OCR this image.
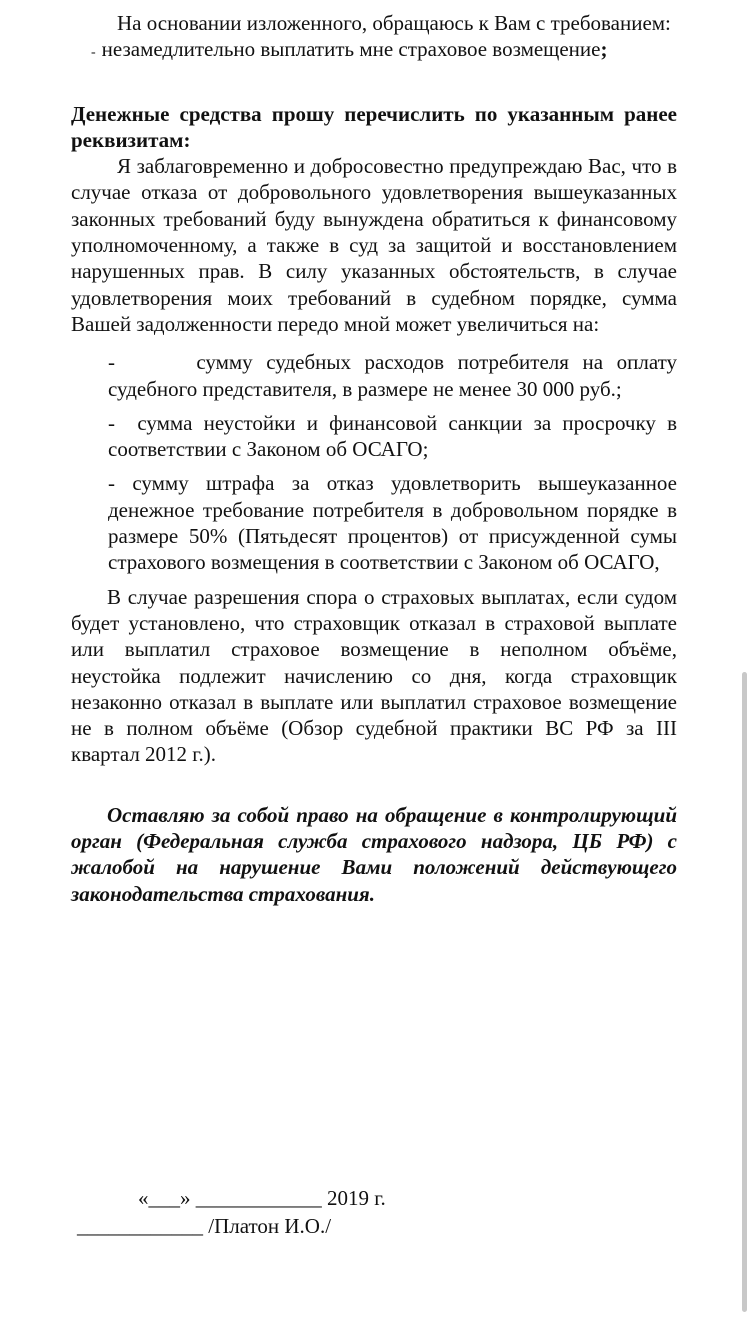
На основании изложенного, обращаюсь к Вам с требованием:

- незамедлительно выплатить мне страховое возмещение;

Денежные средства прошу перечислить по указанным ранее реквизитам:

Я заблаговременно и добросовестно предупреждаю Вас, что в случае отказа от добровольного удовлетворения вышеуказанных законных требований буду вынуждена обратиться к финансовому уполномоченному, а также в суд за защитой и восстановлением нарушенных прав. В силу указанных обстоятельств, в случае удовлетворения моих требований в судебном порядке, сумма Вашей задолженности передо мной может увеличиться на:

-      сумму судебных расходов потребителя на оплату судебного представителя, в размере не менее 30 000 руб.;

-  сумма неустойки и финансовой санкции за просрочку в соответствии с Законом об ОСАГО;

- сумму штрафа за отказ удовлетворить вышеуказанное денежное требование потребителя в добровольном порядке в размере 50% (Пятьдесят процентов) от присужденной сумы страхового возмещения в соответствии с Законом об ОСАГО,

В случае разрешения спора о страховых выплатах, если судом будет установлено, что страховщик отказал в страховой выплате или выплатил страховое возмещение в неполном объёме, неустойка подлежит начислению со дня, когда страховщик незаконно отказал в выплате или выплатил страховое возмещение не в полном объёме (Обзор судебной практики ВС РФ за III квартал 2012 г.).

Оставляю за собой право на обращение в контролирующий орган (Федеральная служба страхового надзора, ЦБ РФ) с жалобой на нарушение Вами положений действующего законодательства страхования.

«___» ____________ 2019 г.
____________ /Платон И.О./
